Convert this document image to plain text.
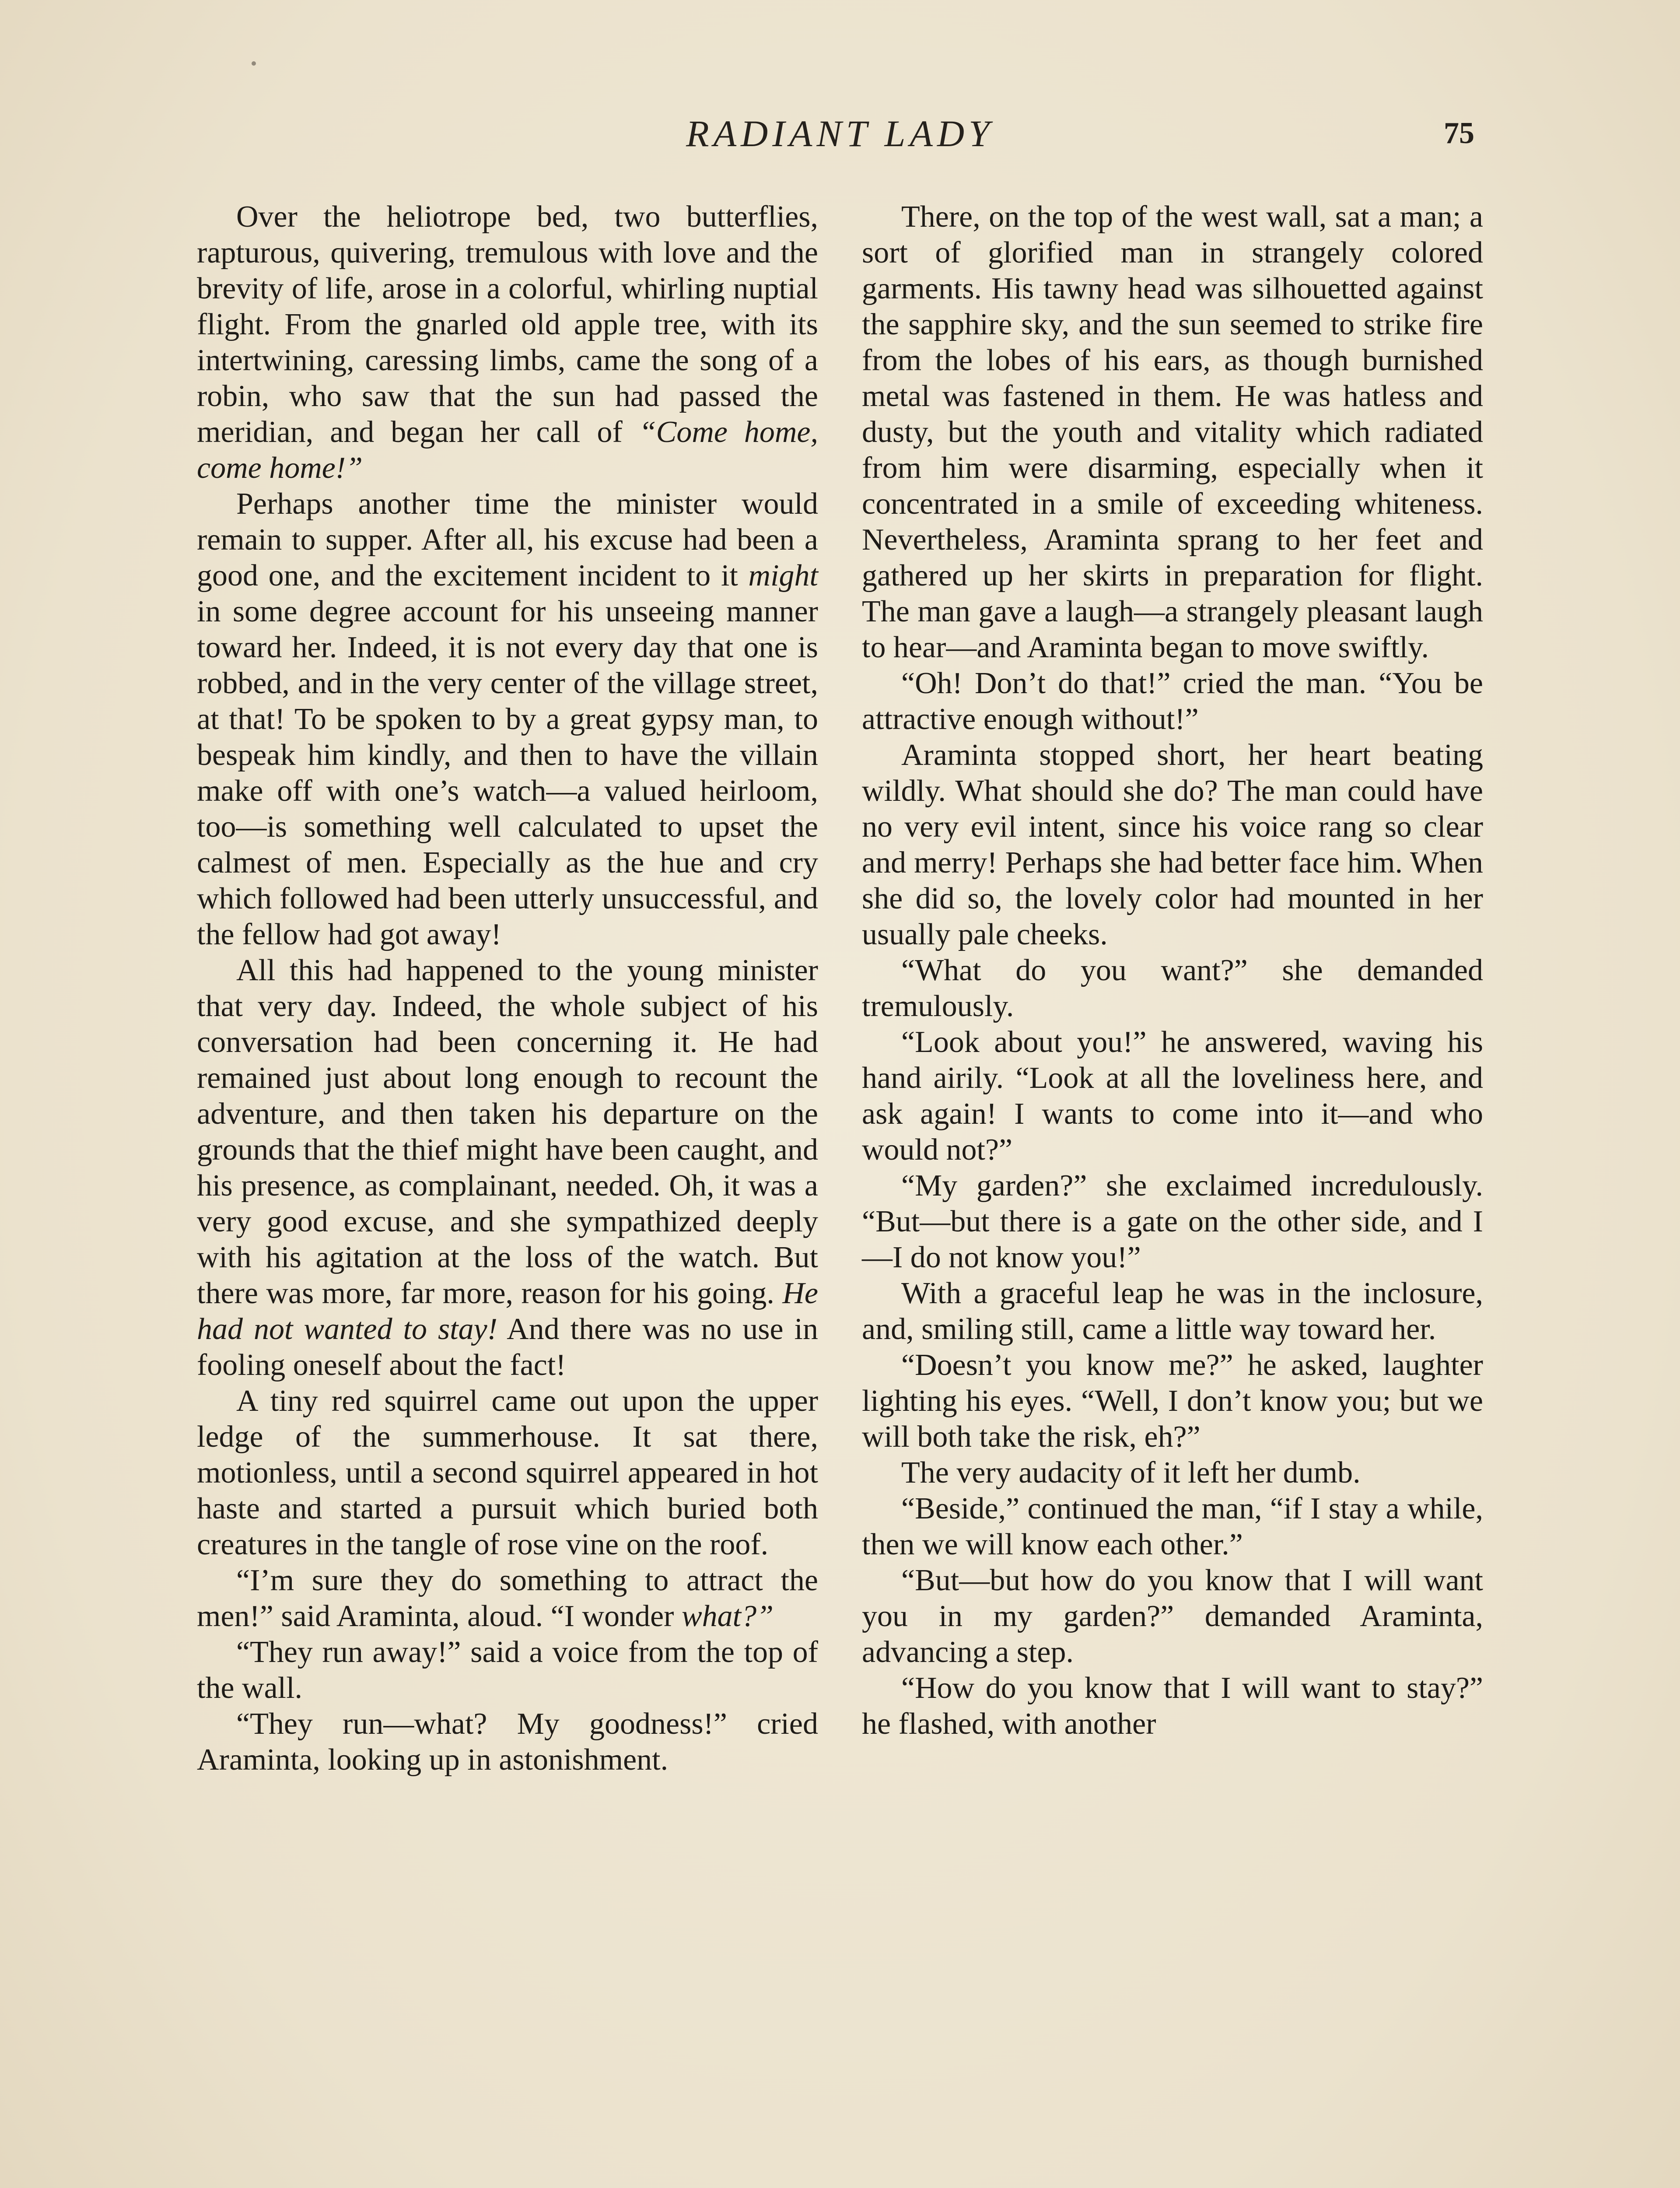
RADIANT LADY	75

Over the heliotrope bed, two butterflies, rapturous, quivering, tremulous with love and the brevity of life, arose in a colorful, whirling nuptial flight. From the gnarled old apple tree, with its intertwining, caressing limbs, came the song of a robin, who saw that the sun had passed the meridian, and began her call of “Come home, come home!”

Perhaps another time the minister would remain to supper. After all, his excuse had been a good one, and the excitement incident to it might in some degree account for his unseeing manner toward her. Indeed, it is not every day that one is robbed, and in the very center of the village street, at that! To be spoken to by a great gypsy man, to bespeak him kindly, and then to have the villain make off with one’s watch—a valued heirloom, too—is something well calculated to upset the calmest of men. Especially as the hue and cry which followed had been utterly unsuccessful, and the fellow had got away!

All this had happened to the young minister that very day. Indeed, the whole subject of his conversation had been concerning it. He had remained just about long enough to recount the adventure, and then taken his departure on the grounds that the thief might have been caught, and his presence, as complainant, needed. Oh, it was a very good excuse, and she sympathized deeply with his agitation at the loss of the watch. But there was more, far more, reason for his going. He had not wanted to stay! And there was no use in fooling oneself about the fact!

A tiny red squirrel came out upon the upper ledge of the summerhouse. It sat there, motionless, until a second squirrel appeared in hot haste and started a pursuit which buried both creatures in the tangle of rose vine on the roof.

“I’m sure they do something to attract the men!” said Araminta, aloud. “I wonder what?”

“They run away!” said a voice from the top of the wall.

“They run—what? My goodness!” cried Araminta, looking up in astonishment.

There, on the top of the west wall, sat a man; a sort of glorified man in strangely colored garments. His tawny head was silhouetted against the sapphire sky, and the sun seemed to strike fire from the lobes of his ears, as though burnished metal was fastened in them. He was hatless and dusty, but the youth and vitality which radiated from him were disarming, especially when it concentrated in a smile of exceeding whiteness. Nevertheless, Araminta sprang to her feet and gathered up her skirts in preparation for flight. The man gave a laugh—a strangely pleasant laugh to hear—and Araminta began to move swiftly.

“Oh! Don’t do that!” cried the man. “You be attractive enough without!”

Araminta stopped short, her heart beating wildly. What should she do? The man could have no very evil intent, since his voice rang so clear and merry! Perhaps she had better face him. When she did so, the lovely color had mounted in her usually pale cheeks.

“What do you want?” she demanded tremulously.

“Look about you!” he answered, waving his hand airily. “Look at all the loveliness here, and ask again! I wants to come into it—and who would not?”

“My garden?” she exclaimed incredulously. “But—but there is a gate on the other side, and I—I do not know you!”

With a graceful leap he was in the inclosure, and, smiling still, came a little way toward her.

“Doesn’t you know me?” he asked, laughter lighting his eyes. “Well, I don’t know you; but we will both take the risk, eh?”

The very audacity of it left her dumb.

“Beside,” continued the man, “if I stay a while, then we will know each other.”

“But—but how do you know that I will want you in my garden?” demanded Araminta, advancing a step.

“How do you know that I will want to stay?” he flashed, with another
